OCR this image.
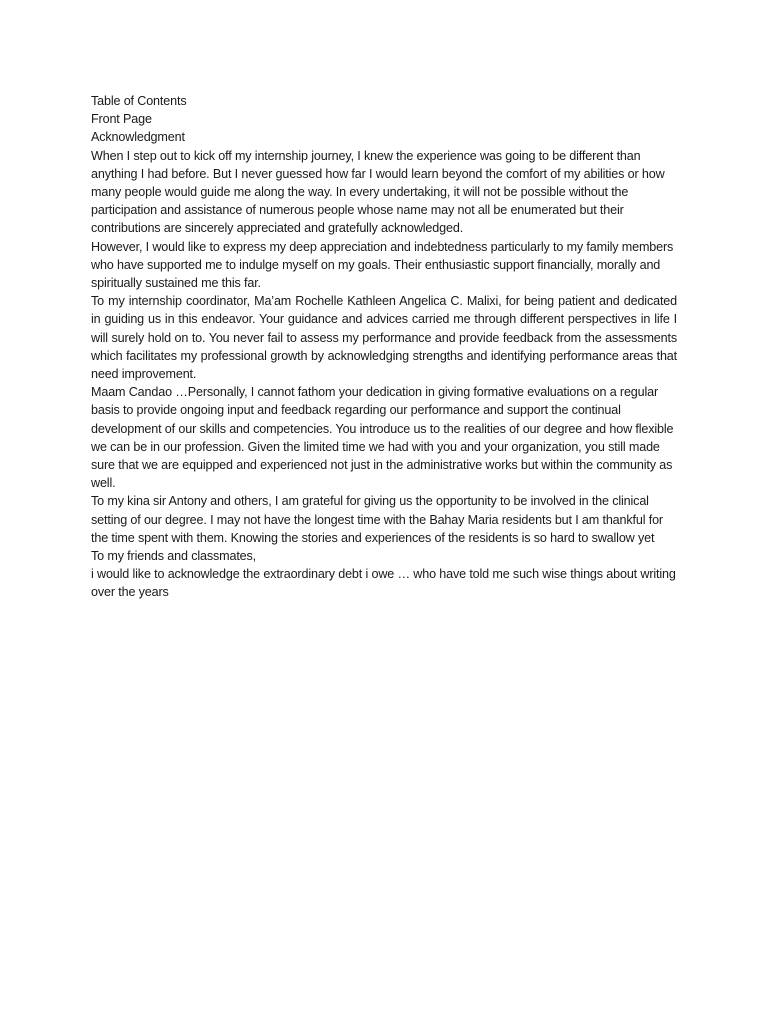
Table of Contents

Front Page

Acknowledgment

When I step out to kick off my internship journey, I knew the experience was going to be different than anything I had before. But I never guessed how far I would learn beyond the comfort of my abilities or how many people would guide me along the way. In every undertaking, it will not be possible without the participation and assistance of numerous people whose name may not all be enumerated but their contributions are sincerely appreciated and gratefully acknowledged.

However, I would like to express my deep appreciation and indebtedness particularly to my family members who have supported me to indulge myself on my goals. Their enthusiastic support financially, morally and spiritually sustained me this far.

To my internship coordinator, Ma’am Rochelle Kathleen Angelica C. Malixi, for being patient and dedicated in guiding us in this endeavor. Your guidance and advices carried me through different perspectives in life I will surely hold on to. You never fail to assess my performance and provide feedback from the assessments which facilitates my professional growth by acknowledging strengths and identifying performance areas that need improvement.

Maam Candao …Personally, I cannot fathom your dedication in giving formative evaluations on a regular basis to provide ongoing input and feedback regarding our performance and support the continual development of our skills and competencies. You introduce us to the realities of our degree and how flexible we can be in our profession. Given the limited time we had with you and your organization, you still made sure that we are equipped and experienced not just in the administrative works but within the community as well.

To my kina sir Antony and others, I am grateful for giving us the opportunity to be involved in the clinical setting of our degree. I may not have the longest time with the Bahay Maria residents but I am thankful for the time spent with them. Knowing the stories and experiences of the residents is so hard to swallow yet

To my friends and classmates,

i would like to acknowledge the extraordinary debt i owe … who have told me such wise things about writing over the years
